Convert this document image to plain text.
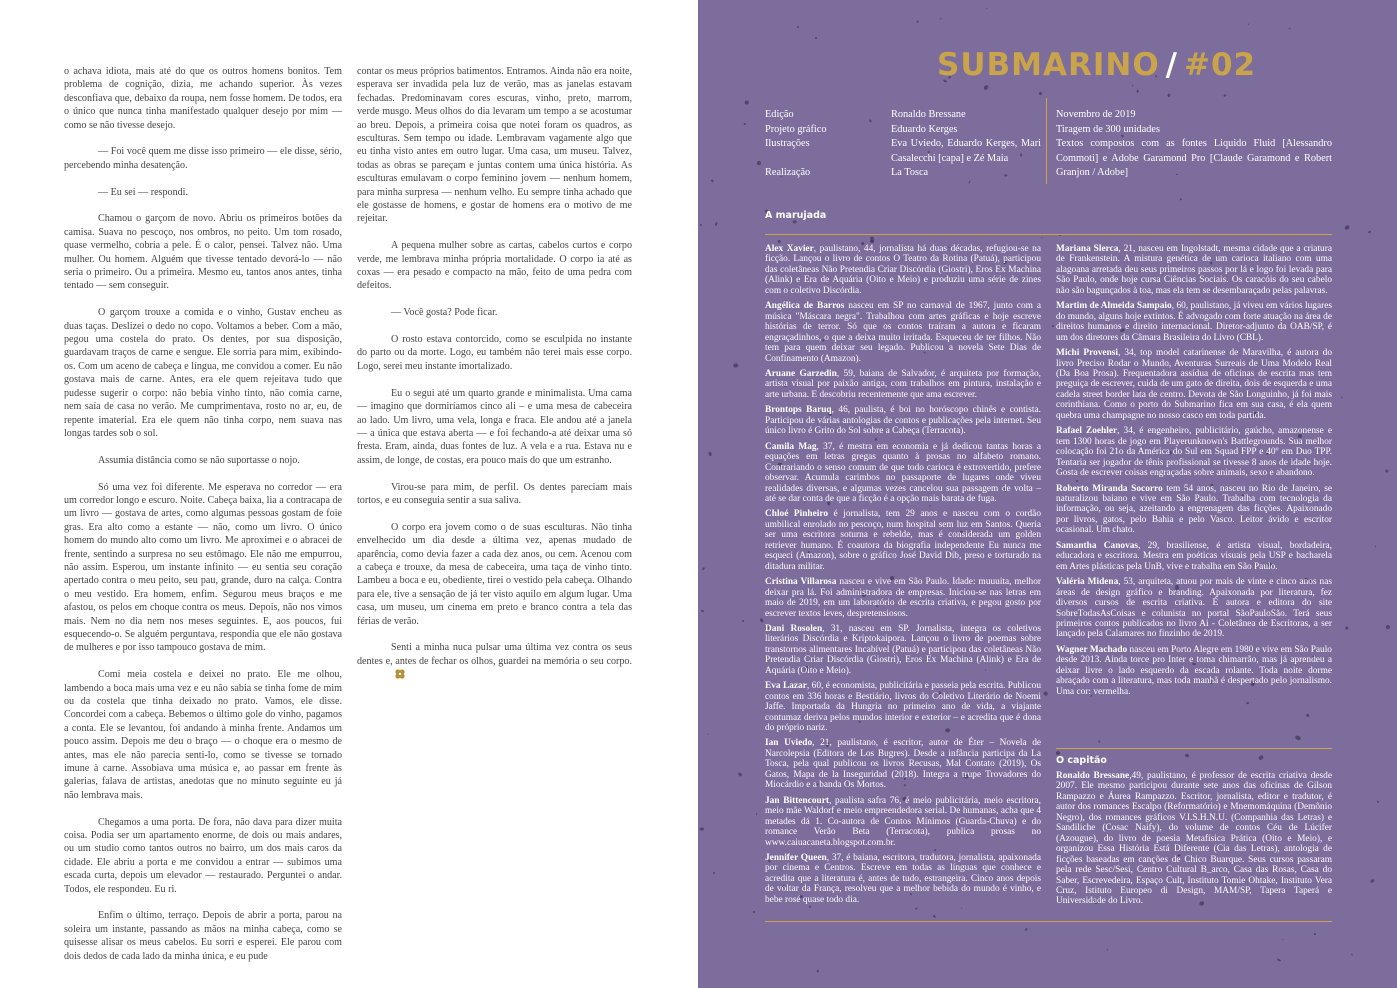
o achava idiota, mais até do que os outros homens bonitos. Tem problema de cognição, dizia, me achando superior. Às vezes desconfiava que, debaixo da roupa, nem fosse homem. De todos, era o único que nunca tinha manifestado qualquer desejo por mim — como se não tivesse desejo.

— Foi você quem me disse isso primeiro — ele disse, sério, percebendo minha desatenção.

— Eu sei — respondi.

Chamou o garçom de novo. Abriu os primeiros botões da camisa. Suava no pescoço, nos ombros, no peito. Um tom rosado, quase vermelho, cobria a pele. É o calor, pensei. Talvez não. Uma mulher. Ou homem. Alguém que tivesse tentado devorá-lo — não seria o primeiro. Ou a primeira. Mesmo eu, tantos anos antes, tinha tentado — sem conseguir.

O garçom trouxe a comida e o vinho, Gustav encheu as duas taças. Deslizei o dedo no copo. Voltamos a beber. Com a mão, pegou uma costela do prato. Os dentes, por sua disposição, guardavam traços de carne e sengue. Ele sorria para mim, exibindo-os. Com um aceno de cabeça e língua, me convidou a comer. Eu não gostava mais de carne. Antes, era ele quem rejeitava tudo que pudesse sugerir o corpo: não bebia vinho tinto, não comia carne, nem saía de casa no verão. Me cumprimentava, rosto no ar, eu, de repente imaterial. Era ele quem não tinha corpo, nem suava nas longas tardes sob o sol.

Assumia distância como se não suportasse o nojo.

Só uma vez foi diferente. Me esperava no corredor — era um corredor longo e escuro. Noite. Cabeça baixa, lia a contracapa de um livro — gostava de artes, como algumas pessoas gostam de foie gras. Era alto como a estante — não, como um livro. O único homem do mundo alto como um livro. Me aproximei e o abracei de frente, sentindo a surpresa no seu estômago. Ele não me empurrou, não assim. Esperou, um instante infinito — eu sentia seu coração apertado contra o meu peito, seu pau, grande, duro na calça. Contra o meu vestido. Era homem, enfim. Segurou meus braços e me afastou, os pelos em choque contra os meus. Depois, não nos vimos mais. Nem no dia nem nos meses seguintes. E, aos poucos, fui esquecendo-o. Se alguém perguntava, respondia que ele não gostava de mulheres e por isso tampouco gostava de mim.

Comi meia costela e deixei no prato. Ele me olhou, lambendo a boca mais uma vez e eu não sabia se tinha fome de mim ou da costela que tinha deixado no prato. Vamos, ele disse. Concordei com a cabeça. Bebemos o último gole do vinho, pagamos a conta. Ele se levantou, foi andando à minha frente. Andamos um pouco assim. Depois me deu o braço — o choque era o mesmo de antes, mas ele não parecia senti-lo, como se tivesse se tornado imune à carne. Assobiava uma música e, ao passar em frente às galerias, falava de artistas, anedotas que no minuto seguinte eu já não lembrava mais.

Chegamos a uma porta. De fora, não dava para dizer muita coisa. Podia ser um apartamento enorme, de dois ou mais andares, ou um studio como tantos outros no bairro, um dos mais caros da cidade. Ele abriu a porta e me convidou a entrar — subimos uma escada curta, depois um elevador — restaurado. Perguntei o andar. Todos, ele respondeu. Eu ri.

Enfim o último, terraço. Depois de abrir a porta, parou na soleira um instante, passando as mãos na minha cabeça, como se quisesse alisar os meus cabelos. Eu sorri e esperei. Ele parou com dois dedos de cada lado da minha única, e eu pude

contar os meus próprios batimentos. Entramos. Ainda não era noite, esperava ser invadida pela luz de verão, mas as janelas estavam fechadas. Predominavam cores escuras, vinho, preto, marrom, verde musgo. Meus olhos do dia levaram um tempo a se acostumar ao breu. Depois, a primeira coisa que notei foram os quadros, as esculturas. Sem tempo ou idade. Lembravam vagamente algo que eu tinha visto antes em outro lugar. Uma casa, um museu. Talvez, todas as obras se pareçam e juntas contem uma única história. As esculturas emulavam o corpo feminino jovem — nenhum homem, para minha surpresa — nenhum velho. Eu sempre tinha achado que ele gostasse de homens, e gostar de homens era o motivo de me rejeitar.

A pequena mulher sobre as cartas, cabelos curtos e corpo verde, me lembrava minha própria mortalidade. O corpo ia até as coxas — era pesado e compacto na mão, feito de uma pedra com defeitos.

— Você gosta? Pode ficar.

O rosto estava contorcido, como se esculpida no instante do parto ou da morte. Logo, eu também não terei mais esse corpo. Logo, serei meu instante imortalizado.

Eu o segui até um quarto grande e minimalista. Uma cama — imagino que dormiríamos cinco ali – e uma mesa de cabeceira ao lado. Um livro, uma vela, longa e fraca. Ele andou até a janela — a única que estava aberta — e foi fechando-a até deixar uma só fresta. Eram, ainda, duas fontes de luz. A vela e a rua. Estava nu e assim, de longe, de costas, era pouco mais do que um estranho.

Virou-se para mim, de perfil. Os dentes pareciam mais tortos, e eu conseguia sentir a sua saliva.

O corpo era jovem como o de suas esculturas. Não tinha envelhecido um dia desde a última vez, apenas mudado de aparência, como devia fazer a cada dez anos, ou cem. Acenou com a cabeça e trouxe, da mesa de cabeceira, uma taça de vinho tinto. Lambeu a boca e eu, obediente, tirei o vestido pela cabeça. Olhando para ele, tive a sensação de já ter visto aquilo em algum lugar. Uma casa, um museu, um cinema em preto e branco contra a tela das férias de verão.

Senti a minha nuca pulsar uma última vez contra os seus dentes e, antes de fechar os olhos, guardei na memória o seu corpo.

SUBMARINO / #02
Edição
Projeto gráfico
Ilustrações

Realização
Ronaldo Bressane
Eduardo Kerges
Eva Uviedo, Eduardo Kerges, Mari Casalecchi [capa] e Zé Maia
La Tosca
Novembro de 2019
Tiragem de 300 unidades
Textos compostos com as fontes Liquido Fluid [Alessandro Commoti] e Adobe Garamond Pro [Claude Garamond e Robert Granjon / Adobe]
A marujada

Alex Xavier, paulistano, 44, jornalista há duas décadas, refugiou-se na ficção. Lançou o livro de contos O Teatro da Rotina (Patuá), participou das coletâneas Não Pretendia Criar Discórdia (Giostri), Eros Ex Machina (Alink) e Era de Aquária (Oito e Meio) e produziu uma série de zines com o coletivo Discórdia.

Angélica de Barros nasceu em SP no carnaval de 1967, junto com a música "Máscara negra". Trabalhou com artes gráficas e hoje escreve histórias de terror. Só que os contos traíram a autora e ficaram engraçadinhos, o que a deixa muito irritada. Esqueceu de ter filhos. Não tem para quem deixar seu legado. Publicou a novela Sete Dias de Confinamento (Amazon).

Aruane Garzedin, 59, baiana de Salvador, é arquiteta por formação, artista visual por paixão antiga, com trabalhos em pintura, instalação e arte urbana. E descobriu recentemente que ama escrever.

Brontops Baruq, 46, paulista, é boi no horóscopo chinês e contista. Participou de várias antologias de contos e publicações pela internet. Seu único livro é Grito do Sol sobre a Cabeça (Terracota).

Camila Mag, 37, é mestra em economia e já dedicou tantas horas a equações em letras gregas quanto à prosas no alfabeto romano. Contrariando o senso comum de que todo carioca é extrovertido, prefere observar. Acumula carimbos no passaporte de lugares onde viveu realidades diversas, e algumas vezes cancelou sua passagem de volta – até se dar conta de que a ficção é a opção mais barata de fuga.

Chloé Pinheiro é jornalista, tem 29 anos e nasceu com o cordão umbilical enrolado no pescoço, num hospital sem luz em Santos. Queria ser uma escritora soturna e rebelde, mas é considerada um golden retriever humano. É coautora da biografia independente Eu nunca me esqueci (Amazon), sobre o gráfico José David Dib, preso e torturado na ditadura militar.

Cristina Villarosa nasceu e vive em São Paulo. Idade: muuuita, melhor deixar pra lá. Foi administradora de empresas. Iniciou-se nas letras em maio de 2019, em um laboratório de escrita criativa, e pegou gosto por escrever textos leves, despretensiosos.

Dani Rosolen, 31, nasceu em SP. Jornalista, integra os coletivos literários Discórdia e Kriptokaipora. Lançou o livro de poemas sobre transtornos alimentares Incabível (Patuá) e participou das coletâneas Não Pretendia Criar Discórdia (Giostri), Eros Ex Machina (Alink) e Era de Aquária (Oito e Meio).

Eva Lazar, 60, é economista, publicitária e passeia pela escrita. Publicou contos em 336 horas e Bestiário, livros do Coletivo Literário de Noemi Jaffe. Importada da Hungria no primeiro ano de vida, a viajante contumaz deriva pelos mundos interior e exterior – e acredita que é dona do próprio nariz.

Ian Uviedo, 21, paulistano, é escritor, autor de Éter – Novela de Narcolepsia (Editora de Los Bugres). Desde a infância participa da La Tosca, pela qual publicou os livros Recusas, Mal Contato (2019), Os Gatos, Mapa de la Inseguridad (2018). Integra a trupe Trovadores do Miocárdio e a banda Os Mortos.

Jan Bittencourt, paulista safra 76, é meio publicitária, meio escritora, meio mãe Waldorf e meio empreendedora serial. De humanas, acha que 4 metades dá 1. Co-autora de Contos Mínimos (Guarda-Chuva) e do romance Verão Beta (Terracota), publica prosas no www.caiuacaneta.blogspot.com.br.

Jennifer Queen, 37, é baiana, escritora, tradutora, jornalista, apaixonada por cinema e Centros. Escreve em todas as línguas que conhece e acredita que a literatura é, antes de tudo, estrangeira. Cinco anos depois de voltar da França, resolveu que a melhor bebida do mundo é vinho, e bebe rosé quase todo dia.

Mariana Slerca, 21, nasceu em Ingolstadt, mesma cidade que a criatura de Frankenstein. A mistura genética de um carioca italiano com uma alagoana arretada deu seus primeiros passos por lá e logo foi levada para São Paulo, onde hoje cursa Ciências Sociais. Os caracóis do seu cabelo não são bagunçados à toa, mas ela tem se desembaraçado pelas palavras.

Martim de Almeida Sampaio, 60, paulistano, já viveu em vários lugares do mundo, alguns hoje extintos. É advogado com forte atuação na área de direitos humanos e direito internacional. Diretor-adjunto da OAB/SP, é um dos diretores da Câmara Brasileira do Livro (CBL).

Michi Provensi, 34, top model catarinense de Maravilha, é autora do livro Preciso Rodar o Mundo, Aventuras Surreais de Uma Modelo Real (Da Boa Prosa). Frequentadora assídua de oficinas de escrita mas tem preguiça de escrever, cuida de um gato de direita, dois de esquerda e uma cadela street border lata de centro. Devota de São Longuinho, já foi mais corinthiana. Como o porto do Submarino fica em sua casa, é ela quem quebra uma champagne no nosso casco em toda partida.

Rafael Zoehler, 34, é engenheiro, publicitário, gaúcho, amazonense e tem 1300 horas de jogo em Playerunknown's Battlegrounds. Sua melhor colocação foi 21o da América do Sul em Squad FPP e 40º em Duo TPP. Tentaria ser jogador de tênis profissional se tivesse 8 anos de idade hoje. Gosta de escrever coisas engraçadas sobre animais, sexo e abandono.

Roberto Miranda Socorro tem 54 anos, nasceu no Rio de Janeiro, se naturalizou baiano e vive em São Paulo. Trabalha com tecnologia da informação, ou seja, azeitando a engrenagem das ficções. Apaixonado por livros, gatos, pelo Bahia e pelo Vasco. Leitor ávido e escritor ocasional. Um chato.

Samantha Canovas, 29, brasiliense, é artista visual, bordadeira, educadora e escritora. Mestra em poéticas visuais pela USP e bacharela em Artes plásticas pela UnB, vive e trabalha em São Paulo.

Valéria Midena, 53, arquiteta, atuou por mais de vinte e cinco anos nas áreas de design gráfico e branding. Apaixonada por literatura, fez diversos cursos de escrita criativa. É autora e editora do site SobreTodasAsCoisas e colunista no portal SãoPauloSão. Terá seus primeiros contos publicados no livro Ai - Coletânea de Escritoras, a ser lançado pela Calamares no finzinho de 2019.

Wagner Machado nasceu em Porto Alegre em 1980 e vive em São Paulo desde 2013. Ainda torce pro Inter e toma chimarrão, mas já aprendeu a deixar livre o lado esquerdo da escada rolante. Toda noite dorme abraçado com a literatura, mas toda manhã é despertado pelo jornalismo. Uma cor: vermelha.

O capitão

Ronaldo Bressane,49, paulistano, é professor de escrita criativa desde 2007. Ele mesmo participou durante sete anos das oficinas de Gilson Rampazzo e Áurea Rampazzo. Escritor, jornalista, editor e tradutor, é autor dos romances Escalpo (Reformatório) e Mnemomáquina (Demônio Negro), dos romances gráficos V.I.S.H.N.U. (Companhia das Letras) e Sandiliche (Cosac Naify), do volume de contos Céu de Lúcifer (Azougue), do livro de poesia Metafísica Prática (Oito e Meio), e organizou Essa História Está Diferente (Cia das Letras), antologia de ficções baseadas em canções de Chico Buarque. Seus cursos passaram pela rede Sesc/Sesi, Centro Cultural B_arco, Casa das Rosas, Casa do Saber, Escrevedeira, Espaço Cult, Instituto Tomie Ohtake, Instituto Vera Cruz, Istituto Europeo di Design, MAM/SP, Tapera Taperá e Universidade do Livro.
